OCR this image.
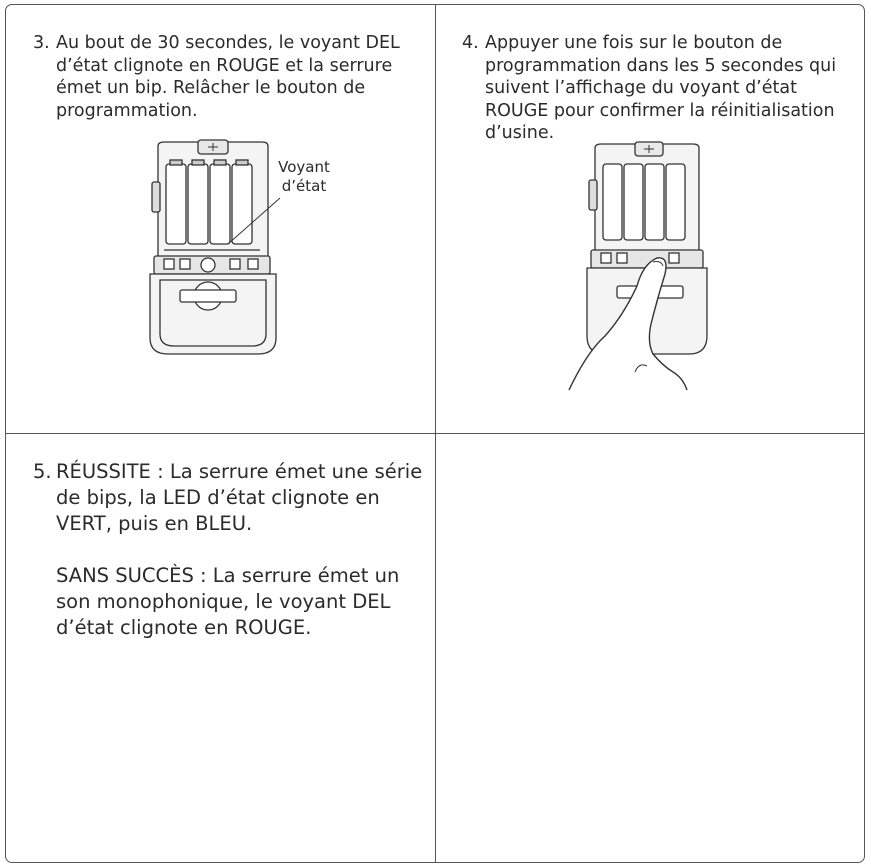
3. Au bout de 30 secondes, le voyant DEL d’état clignote en ROUGE et la serrure émet un bip. Relâcher le bouton de programmation.
Voyant
d’état
4. Appuyer une fois sur le bouton de programmation dans les 5 secondes qui suivent l’affichage du voyant d’état ROUGE pour confirmer la réinitialisation d’usine.
5. RÉUSSITE : La serrure émet une série de bips, la LED d’état clignote en VERT, puis en BLEU.
SANS SUCCÈS : La serrure émet un son monophonique, le voyant DEL d’état clignote en ROUGE.
